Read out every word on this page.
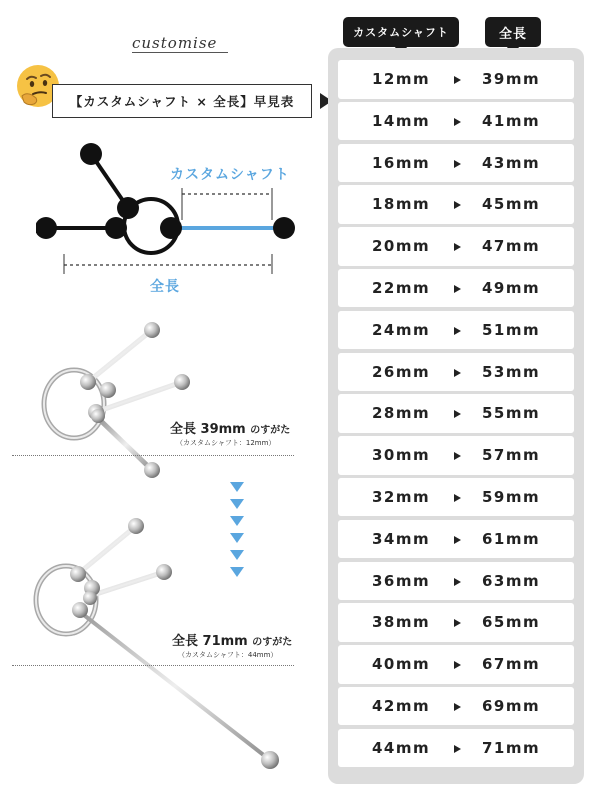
customise
【カスタムシャフト × 全長】早見表
カスタムシャフト
全長
全長 39mm のすがた
（カスタムシャフト：12mm）
全長 71mm のすがた
（カスタムシャフト：44mm）
カスタムシャフト	全長
12mm	39mm
14mm	41mm
16mm	43mm
18mm	45mm
20mm	47mm
22mm	49mm
24mm	51mm
26mm	53mm
28mm	55mm
30mm	57mm
32mm	59mm
34mm	61mm
36mm	63mm
38mm	65mm
40mm	67mm
42mm	69mm
44mm	71mm
